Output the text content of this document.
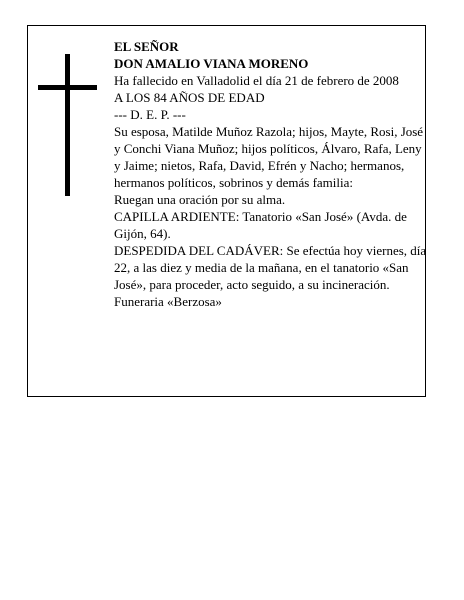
EL SEÑOR

DON AMALIO VIANA MORENO

Ha fallecido en Valladolid el día 21 de febrero de 2008

A LOS 84 AÑOS DE EDAD

--- D. E. P. ---

Su esposa, Matilde Muñoz Razola; hijos, Mayte, Rosi, José y Conchi Viana Muñoz; hijos políticos, Álvaro, Rafa, Leny y Jaime; nietos, Rafa, David, Efrén y Nacho; hermanos, hermanos políticos, sobrinos y demás familia:

Ruegan una oración por su alma.

CAPILLA ARDIENTE: Tanatorio «San José» (Avda. de Gijón, 64).

DESPEDIDA DEL CADÁVER: Se efectúa hoy viernes, día 22, a las diez y media de la mañana, en el tanatorio «San José», para proceder, acto seguido, a su incineración.

Funeraria «Berzosa»
